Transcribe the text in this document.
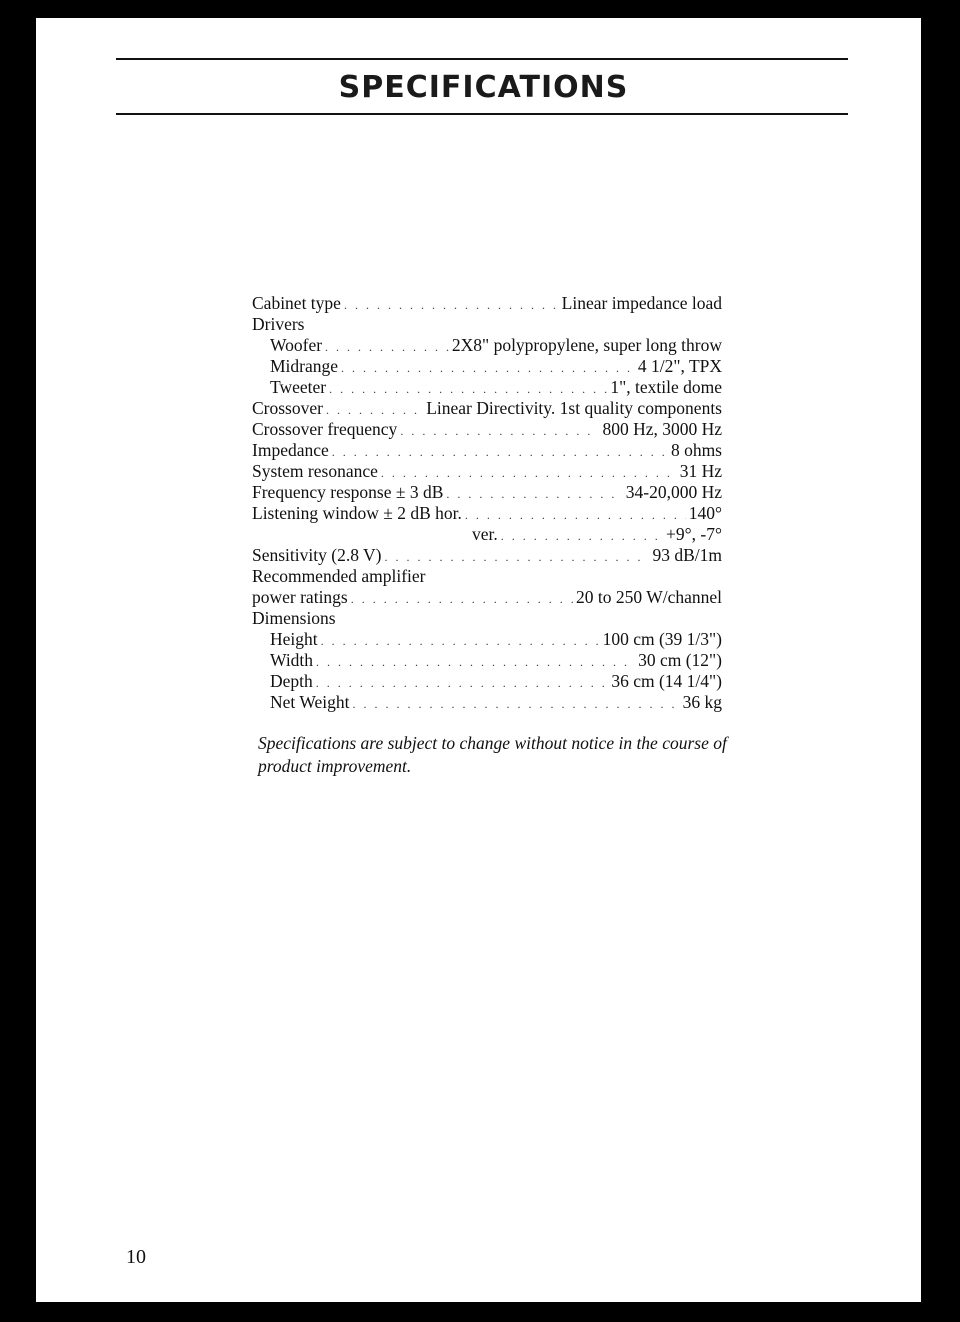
SPECIFICATIONS
Cabinet type . . .	Linear impedance load
Drivers
Woofer . . .	2X8" polypropylene, super long throw
Midrange . . .	4 1/2", TPX
Tweeter . . .	1", textile dome
Crossover . . .	Linear Directivity. 1st quality components
Crossover frequency . . .	800 Hz, 3000 Hz
Impedance . . .	8 ohms
System resonance . . .	31 Hz
Frequency response ± 3 dB . . .	34-20,000 Hz
Listening window ± 2 dB hor. . . .	140°
ver. . . .	+9°, -7°
Sensitivity (2.8 V) . . .	93 dB/1m
Recommended amplifier
power ratings . . .	20 to 250 W/channel
Dimensions
Height . . .	100 cm (39 1/3")
Width . . .	30 cm (12")
Depth . . .	36 cm (14 1/4")
Net Weight . . .	36 kg
Specifications are subject to change without notice in the course of product improvement.
10
